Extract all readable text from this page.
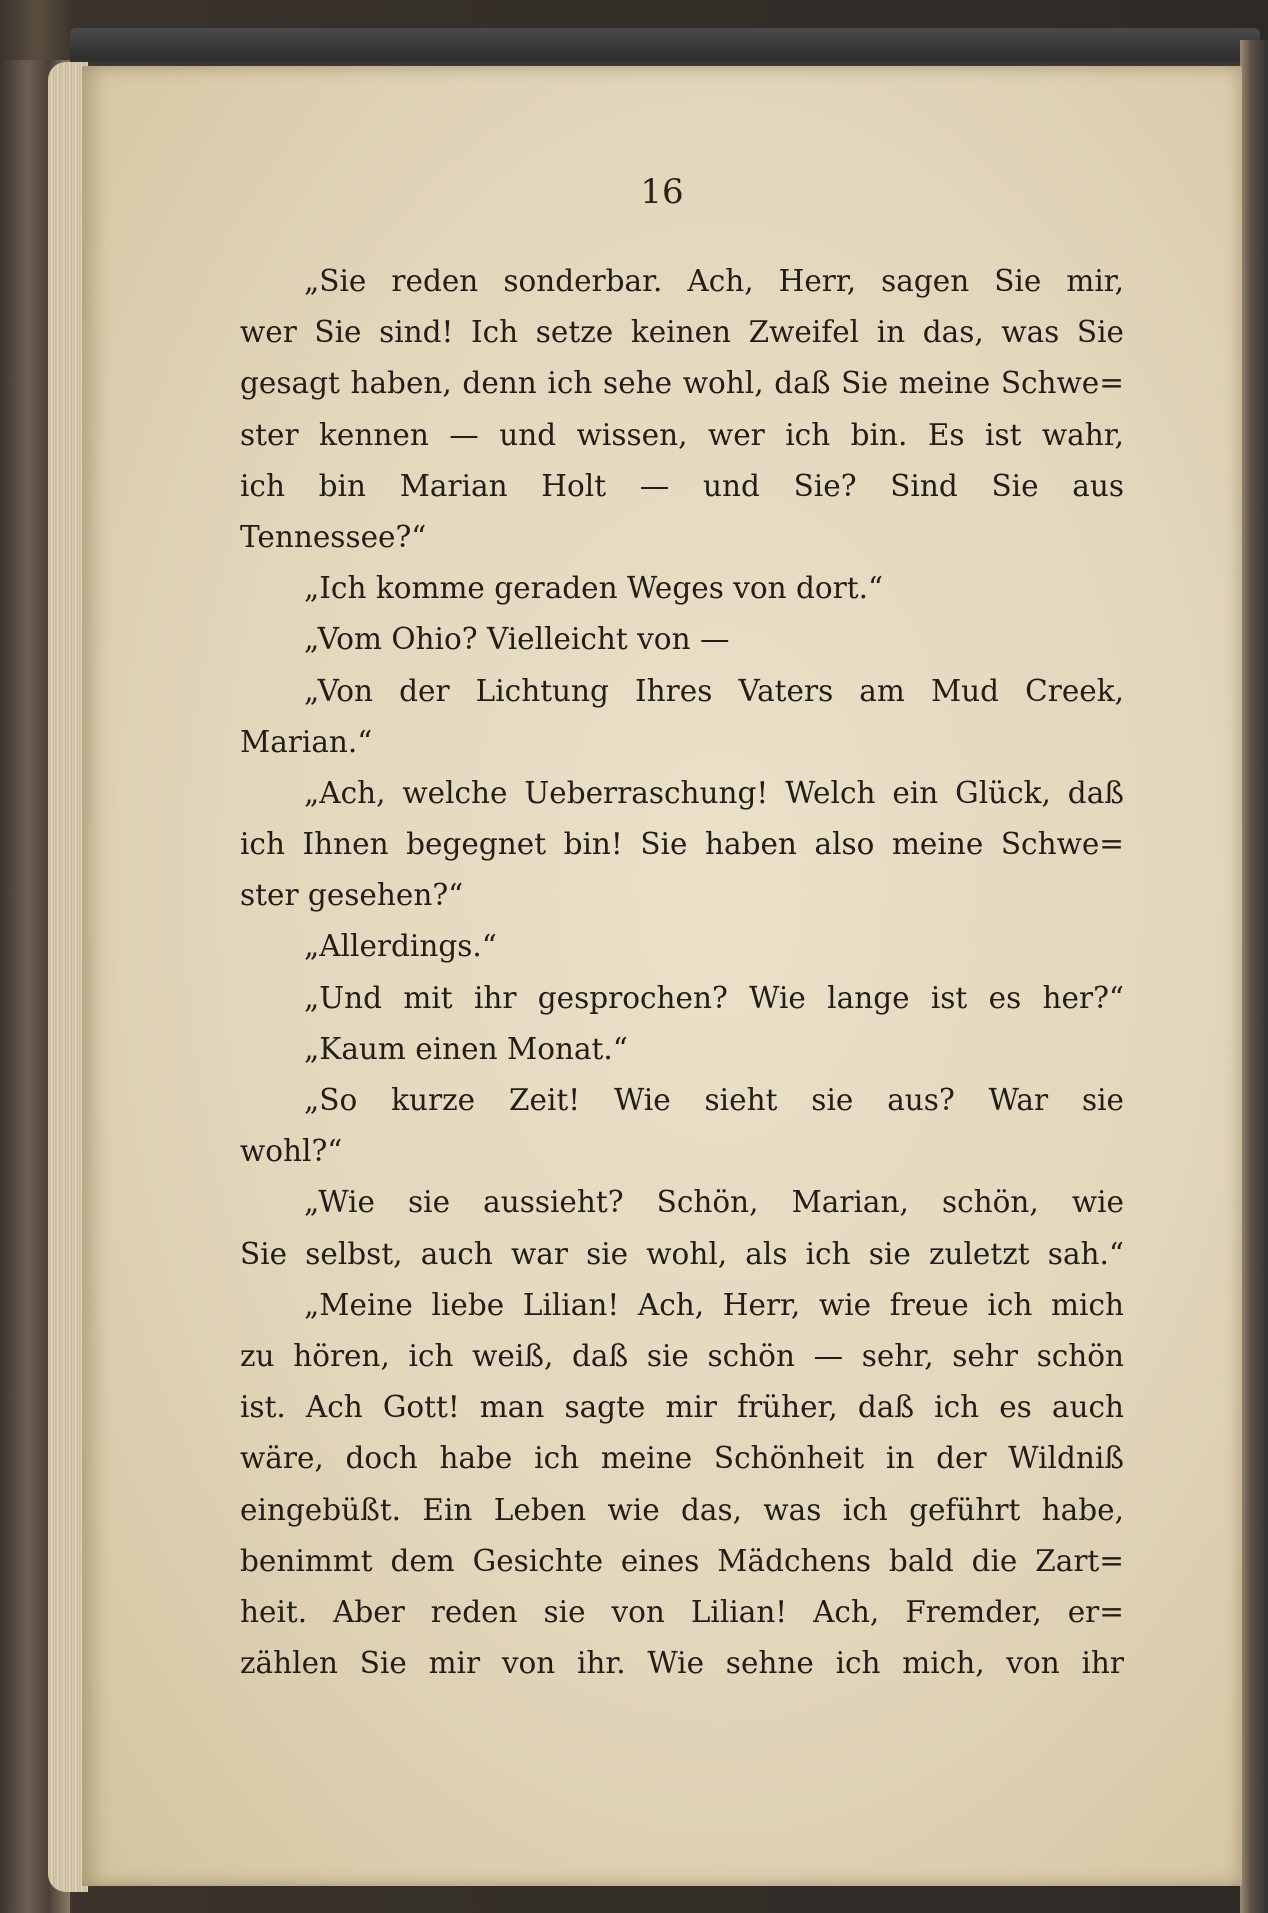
16

„Sie reden sonderbar. Ach, Herr, sagen Sie mir,
wer Sie sind! Ich setze keinen Zweifel in das, was Sie
gesagt haben, denn ich sehe wohl, daß Sie meine Schwe=
ster kennen — und wissen, wer ich bin. Es ist wahr,
ich bin Marian Holt — und Sie? Sind Sie aus
Tennessee?“
„Ich komme geraden Weges von dort.“
„Vom Ohio? Vielleicht von —
„Von der Lichtung Ihres Vaters am Mud Creek,
Marian.“
„Ach, welche Ueberraschung! Welch ein Glück, daß
ich Ihnen begegnet bin! Sie haben also meine Schwe=
ster gesehen?“
„Allerdings.“
„Und mit ihr gesprochen? Wie lange ist es her?“
„Kaum einen Monat.“
„So kurze Zeit! Wie sieht sie aus? War sie
wohl?“
„Wie sie aussieht? Schön, Marian, schön, wie
Sie selbst, auch war sie wohl, als ich sie zuletzt sah.“
„Meine liebe Lilian! Ach, Herr, wie freue ich mich
zu hören, ich weiß, daß sie schön — sehr, sehr schön
ist. Ach Gott! man sagte mir früher, daß ich es auch
wäre, doch habe ich meine Schönheit in der Wildniß
eingebüßt. Ein Leben wie das, was ich geführt habe,
benimmt dem Gesichte eines Mädchens bald die Zart=
heit. Aber reden sie von Lilian! Ach, Fremder, er=
zählen Sie mir von ihr. Wie sehne ich mich, von ihr
